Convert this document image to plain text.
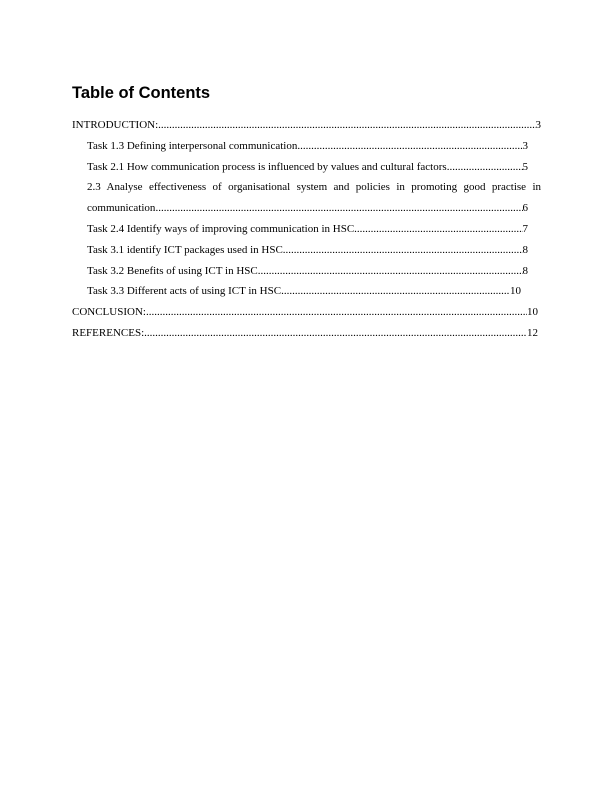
Table of Contents
INTRODUCTION: .....	3
Task 1.3 Defining interpersonal communication .....	3
Task 2.1 How communication process is influenced by values and cultural factors .....	5
2.3 Analyse effectiveness of organisational system and policies in promoting good practise in
communication .....	6
Task 2.4 Identify ways of improving communication in HSC .....	7
Task 3.1 identify ICT packages used in HSC .....	8
Task 3.2 Benefits of using ICT in HSC .....	8
Task 3.3 Different acts of using ICT in HSC .....	10
CONCLUSION: .....	10
REFERENCES: .....	12
